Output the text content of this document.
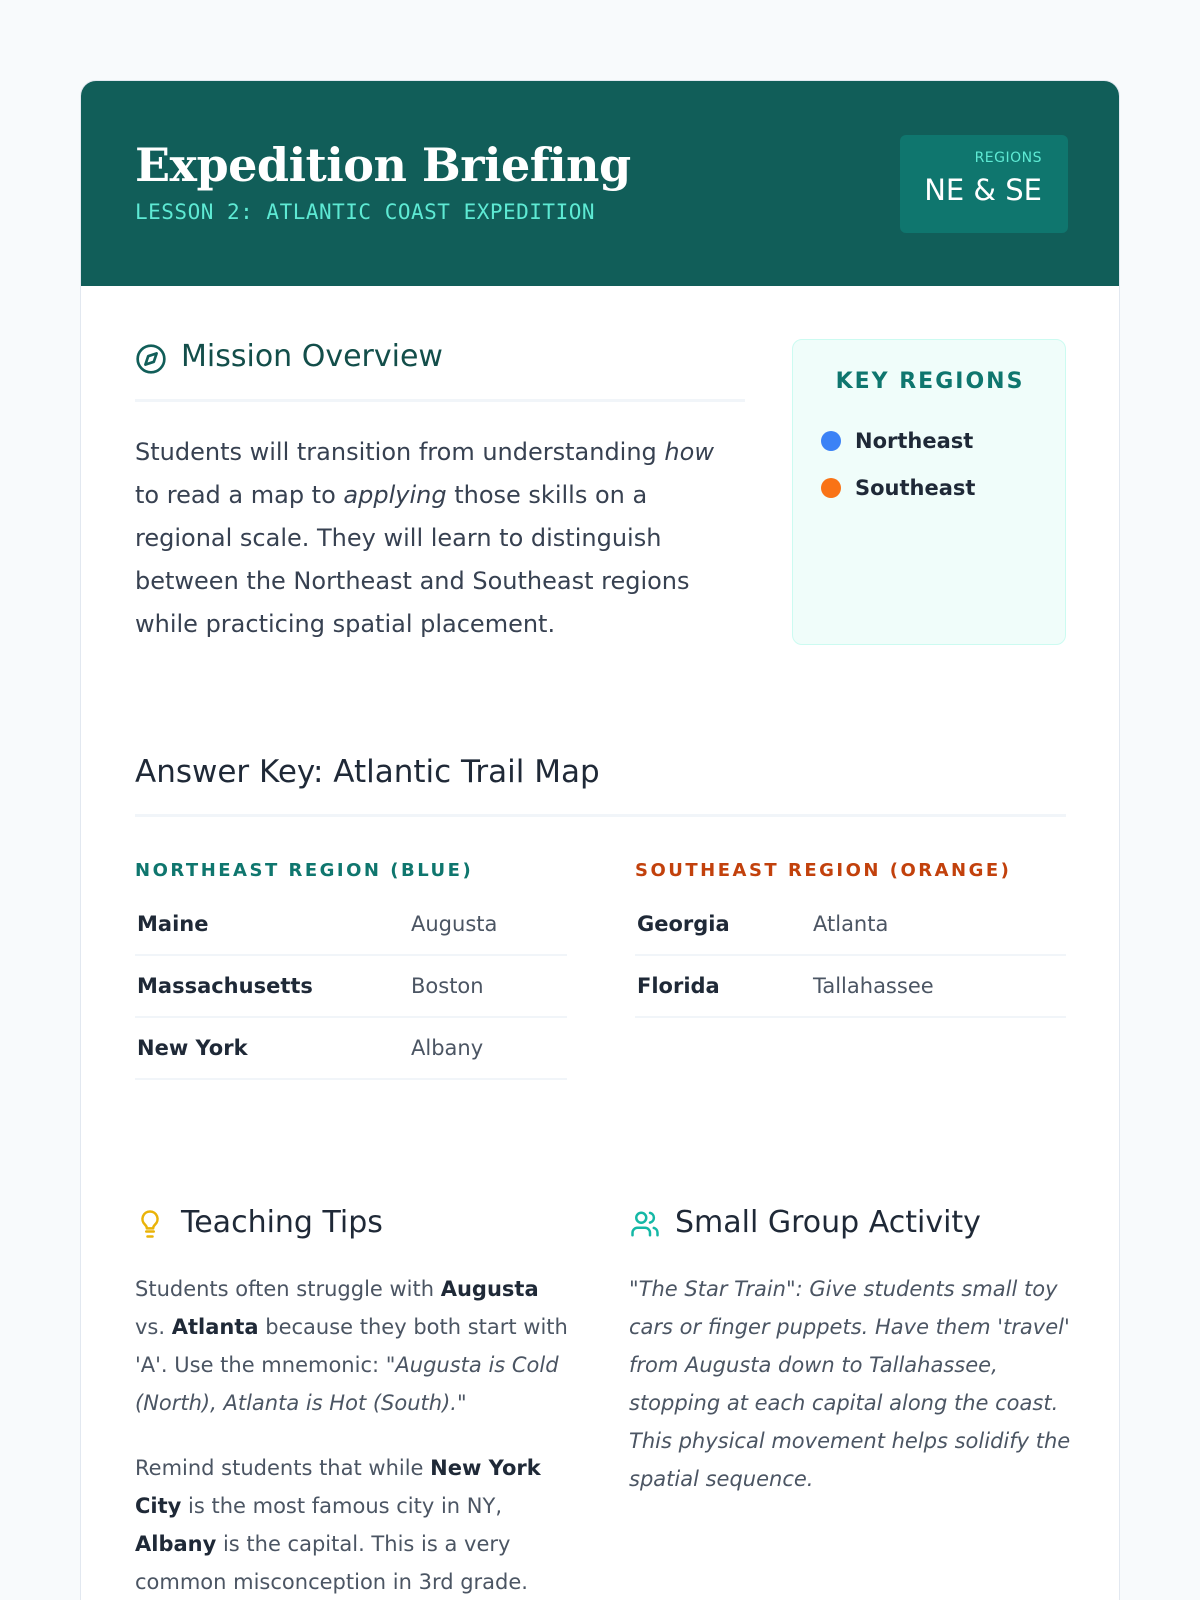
Expedition Briefing
LESSON 2: ATLANTIC COAST EXPEDITION
REGIONS
NE & SE
Mission Overview
Students will transition from understanding how to read a map to applying those skills on a regional scale. They will learn to distinguish between the Northeast and Southeast regions while practicing spatial placement.
KEY REGIONS
Northeast
Southeast
Answer Key: Atlantic Trail Map
NORTHEAST REGION (BLUE)	SOUTHEAST REGION (ORANGE)
Maine	Augusta
Massachusetts	Boston
New York	Albany
Georgia	Atlanta
Florida	Tallahassee
Teaching Tips
Students often struggle with Augusta vs. Atlanta because they both start with 'A'. Use the mnemonic: "Augusta is Cold (North), Atlanta is Hot (South)."
Remind students that while New York City is the most famous city in NY, Albany is the capital. This is a very common misconception in 3rd grade.
Small Group Activity
"The Star Train": Give students small toy cars or finger puppets. Have them 'travel' from Augusta down to Tallahassee, stopping at each capital along the coast. This physical movement helps solidify the spatial sequence.
